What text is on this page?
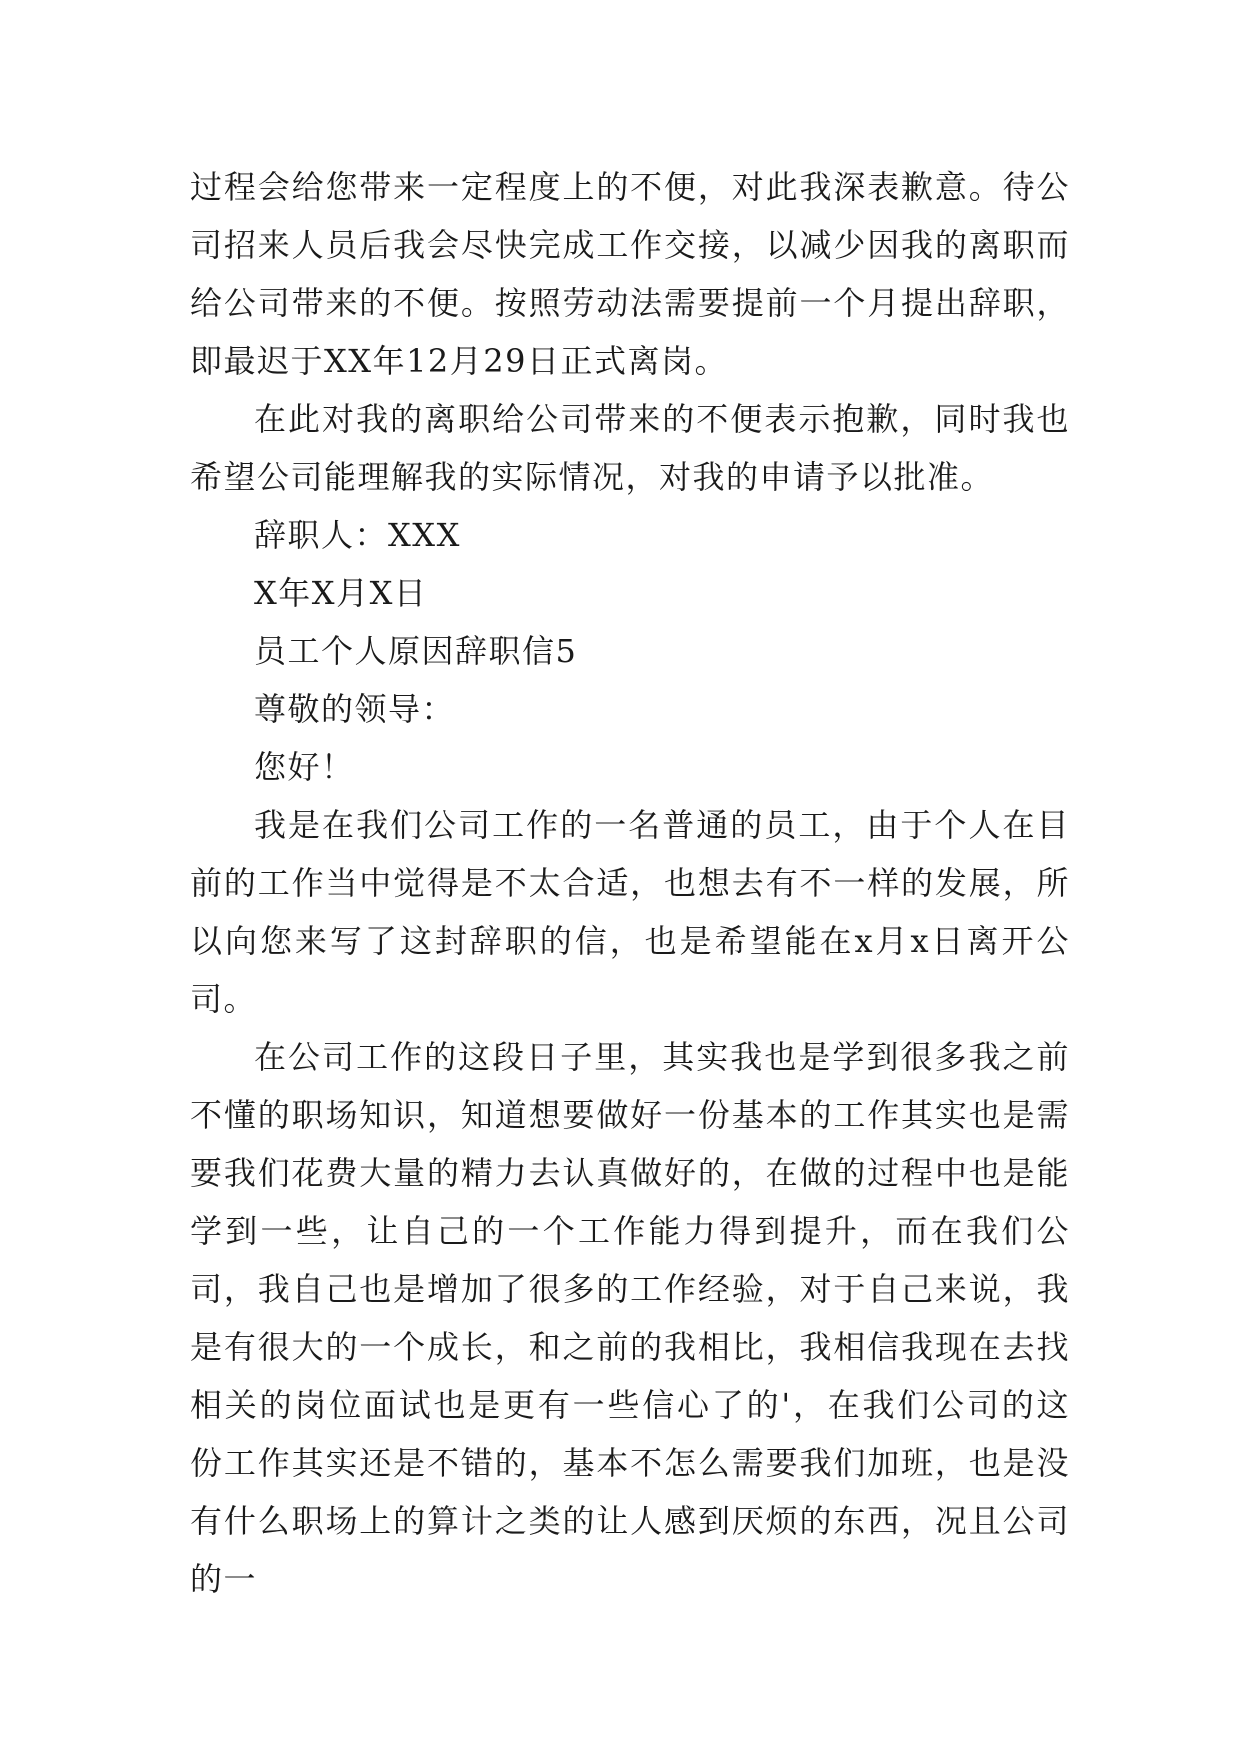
过程会给您带来一定程度上的不便，对此我深表歉意。待公司招来人员后我会尽快完成工作交接，以减少因我的离职而给公司带来的不便。按照劳动法需要提前一个月提出辞职，即最迟于XX年12月29日正式离岗。

在此对我的离职给公司带来的不便表示抱歉，同时我也希望公司能理解我的实际情况，对我的申请予以批准。

辞职人：XXX

X年X月X日

员工个人原因辞职信5

尊敬的领导：

您好！

我是在我们公司工作的一名普通的员工，由于个人在目前的工作当中觉得是不太合适，也想去有不一样的发展，所以向您来写了这封辞职的信，也是希望能在x月x日离开公司。

在公司工作的这段日子里，其实我也是学到很多我之前不懂的职场知识，知道想要做好一份基本的工作其实也是需要我们花费大量的精力去认真做好的，在做的过程中也是能学到一些，让自己的一个工作能力得到提升，而在我们公司，我自己也是增加了很多的工作经验，对于自己来说，我是有很大的一个成长，和之前的我相比，我相信我现在去找相关的岗位面试也是更有一些信心了的'，在我们公司的这份工作其实还是不错的，基本不怎么需要我们加班，也是没有什么职场上的算计之类的让人感到厌烦的东西，况且公司的一
